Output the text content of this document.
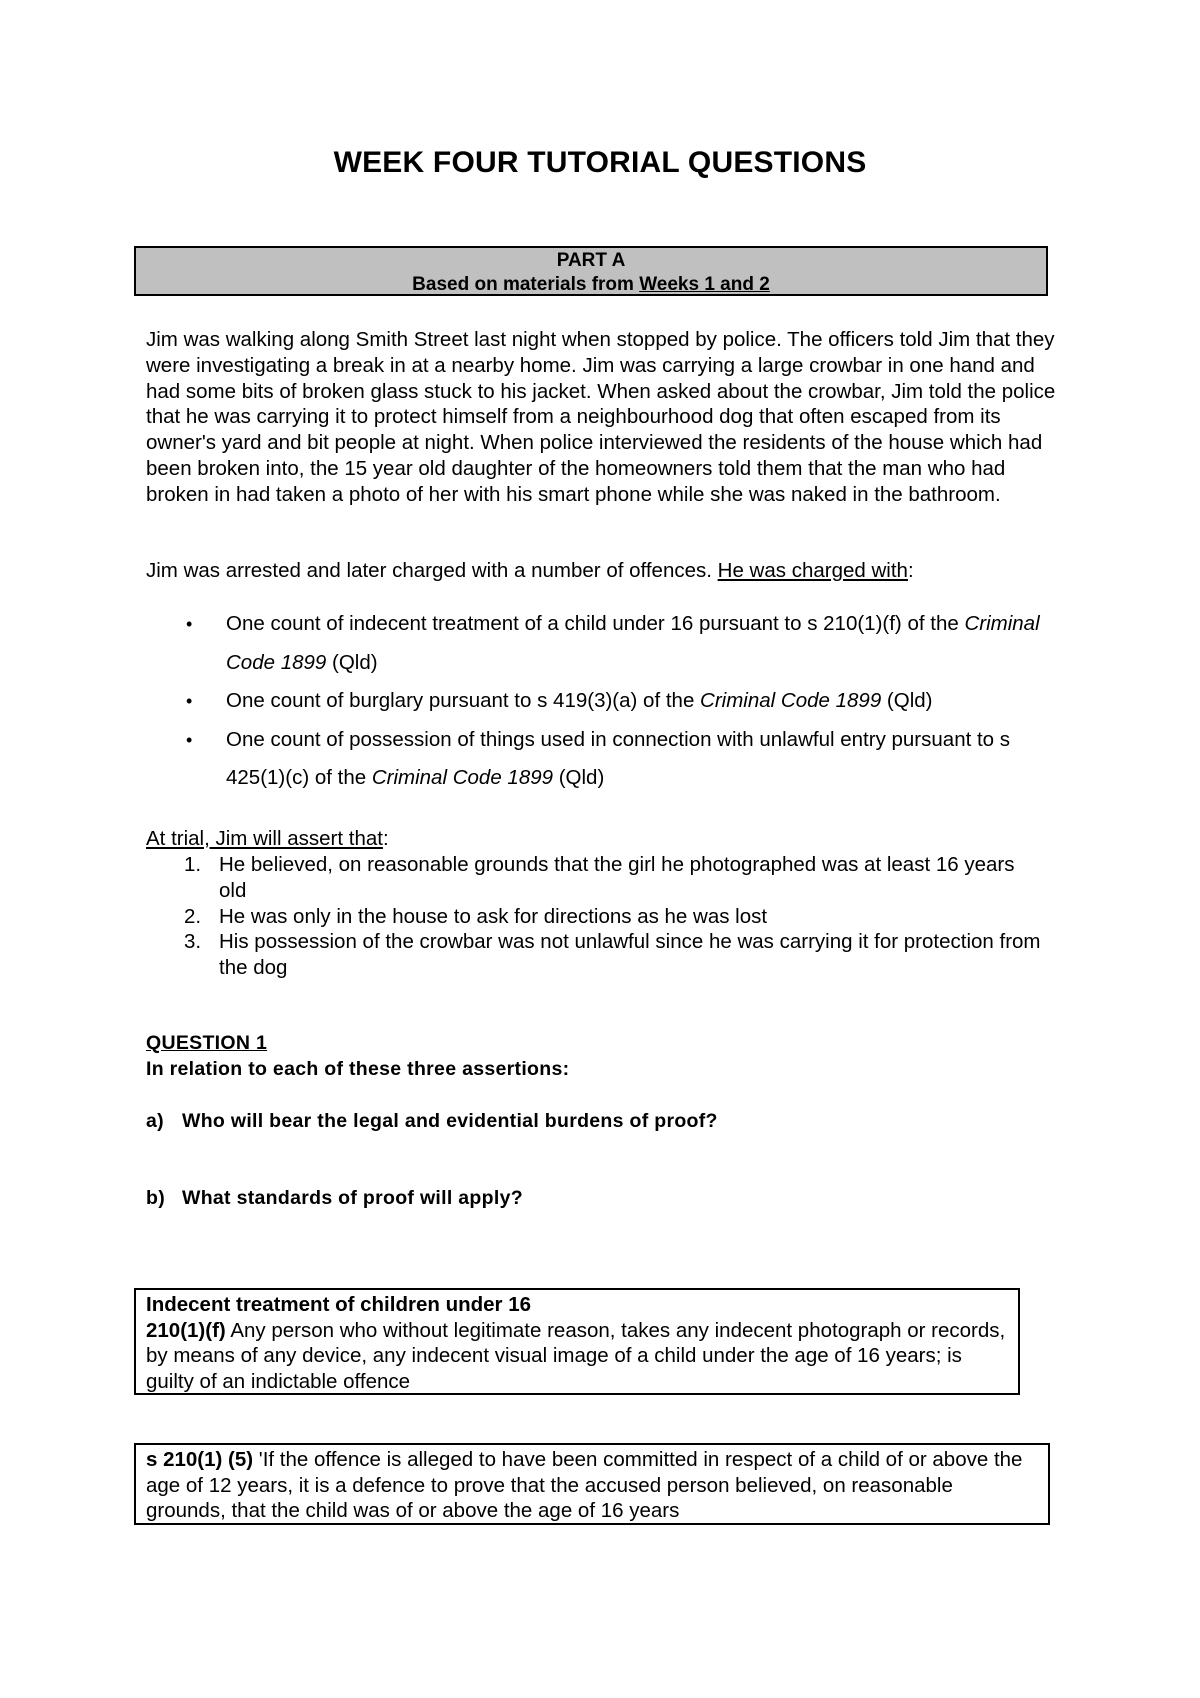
WEEK FOUR TUTORIAL QUESTIONS
PART A
Based on materials from Weeks 1 and 2
Jim was walking along Smith Street last night when stopped by police. The officers told Jim that they were investigating a break in at a nearby home. Jim was carrying a large crowbar in one hand and had some bits of broken glass stuck to his jacket. When asked about the crowbar, Jim told the police that he was carrying it to protect himself from a neighbourhood dog that often escaped from its owner's yard and bit people at night. When police interviewed the residents of the house which had been broken into, the 15 year old daughter of the homeowners told them that the man who had broken in had taken a photo of her with his smart phone while she was naked in the bathroom.
Jim was arrested and later charged with a number of offences. He was charged with:
• One count of indecent treatment of a child under 16 pursuant to s 210(1)(f) of the Criminal Code 1899 (Qld)
• One count of burglary pursuant to s 419(3)(a) of the Criminal Code 1899 (Qld)
• One count of possession of things used in connection with unlawful entry pursuant to s 425(1)(c) of the Criminal Code 1899 (Qld)
At trial, Jim will assert that:
1. He believed, on reasonable grounds that the girl he photographed was at least 16 years old
2. He was only in the house to ask for directions as he was lost
3. His possession of the crowbar was not unlawful since he was carrying it for protection from the dog
QUESTION 1
In relation to each of these three assertions:
a) Who will bear the legal and evidential burdens of proof?
b) What standards of proof will apply?
Indecent treatment of children under 16
210(1)(f) Any person who without legitimate reason, takes any indecent photograph or records, by means of any device, any indecent visual image of a child under the age of 16 years; is guilty of an indictable offence
s 210(1) (5) 'If the offence is alleged to have been committed in respect of a child of or above the age of 12 years, it is a defence to prove that the accused person believed, on reasonable grounds, that the child was of or above the age of 16 years
